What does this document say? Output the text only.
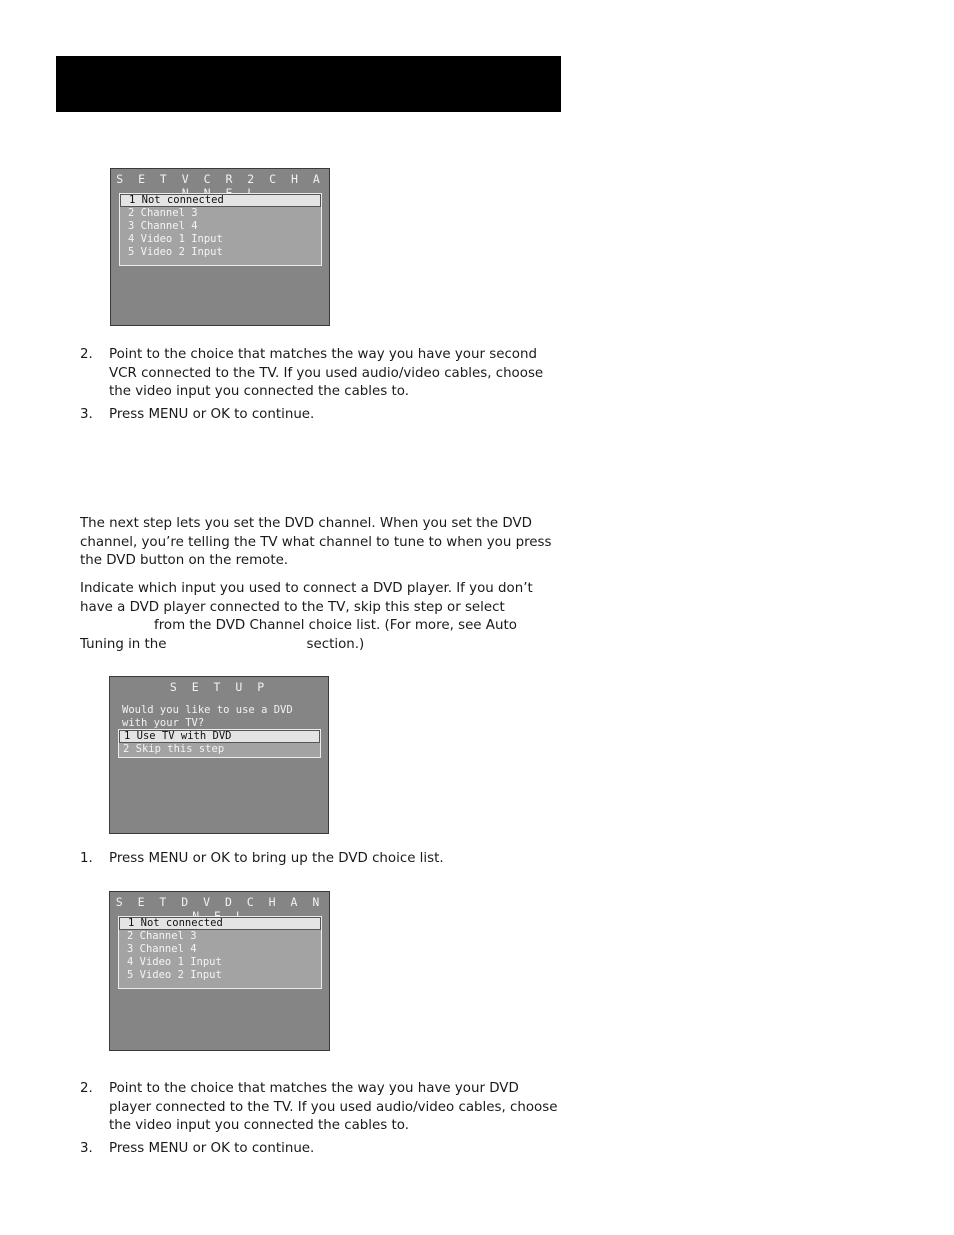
S E T V C R 2 C H A
1 Not connected
2 Channel 3
3 Channel 4
4 Video 1 Input
5 Video 2 Input
2. Point to the choice that matches the way you have your second VCR connected to the TV. If you used audio/video cables, choose the video input you connected the cables to.
3. Press MENU or OK to continue.

The next step lets you set the DVD channel. When you set the DVD channel, you’re telling the TV what channel to tune to when you press the DVD button on the remote.

Indicate which input you used to connect a DVD player. If you don’t
have a DVD player connected to the TV, skip this step or select
from the DVD Channel choice list. (For more, see Auto
Tuning in the	section.)
S E T U P
Would you like to use a DVD
with your TV?
1 Use TV with DVD
2 Skip this step
1. Press MENU or OK to bring up the DVD choice list.
S E T D V D C H A N
1 Not connected
2 Channel 3
3 Channel 4
4 Video 1 Input
5 Video 2 Input
2. Point to the choice that matches the way you have your DVD player connected to the TV. If you used audio/video cables, choose the video input you connected the cables to.
3. Press MENU or OK to continue.
